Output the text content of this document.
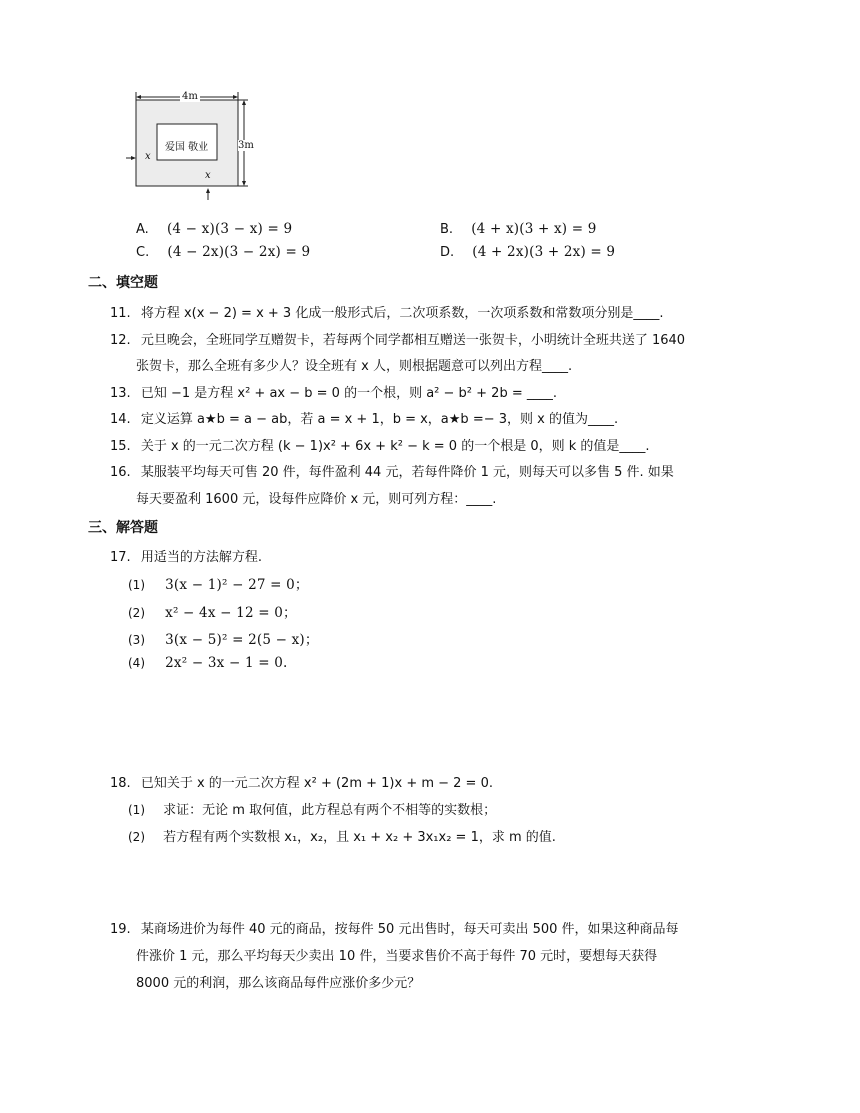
4m
3m
爱国 敬业
x
x
A. (4 − x)(3 − x) = 9	B. (4 + x)(3 + x) = 9
C. (4 − 2x)(3 − 2x) = 9	D. (4 + 2x)(3 + 2x) = 9
二、填空题
11. 将方程 x(x − 2) = x + 3 化成一般形式后，二次项系数，一次项系数和常数项分别是____.
12. 元旦晚会，全班同学互赠贺卡，若每两个同学都相互赠送一张贺卡，小明统计全班共送了 1640
张贺卡，那么全班有多少人？设全班有 x 人，则根据题意可以列出方程____.
13. 已知 −1 是方程 x² + ax − b = 0 的一个根，则 a² − b² + 2b = ____.
14. 定义运算 a★b = a − ab，若 a = x + 1，b = x，a★b =− 3，则 x 的值为____.
15. 关于 x 的一元二次方程 (k − 1)x² + 6x + k² − k = 0 的一个根是 0，则 k 的值是____.
16. 某服装平均每天可售 20 件，每件盈利 44 元，若每件降价 1 元，则每天可以多售 5 件. 如果
每天要盈利 1600 元，设每件应降价 x 元，则可列方程：____.
三、解答题
17. 用适当的方法解方程.
(1) 3(x − 1)² − 27 = 0；
(2) x² − 4x − 12 = 0；
(3) 3(x − 5)² = 2(5 − x)；
(4) 2x² − 3x − 1 = 0.
18. 已知关于 x 的一元二次方程 x² + (2m + 1)x + m − 2 = 0.
(1) 求证：无论 m 取何值，此方程总有两个不相等的实数根；
(2) 若方程有两个实数根 x₁，x₂，且 x₁ + x₂ + 3x₁x₂ = 1，求 m 的值.
19. 某商场进价为每件 40 元的商品，按每件 50 元出售时，每天可卖出 500 件，如果这种商品每
件涨价 1 元，那么平均每天少卖出 10 件，当要求售价不高于每件 70 元时，要想每天获得
8000 元的利润，那么该商品每件应涨价多少元？
